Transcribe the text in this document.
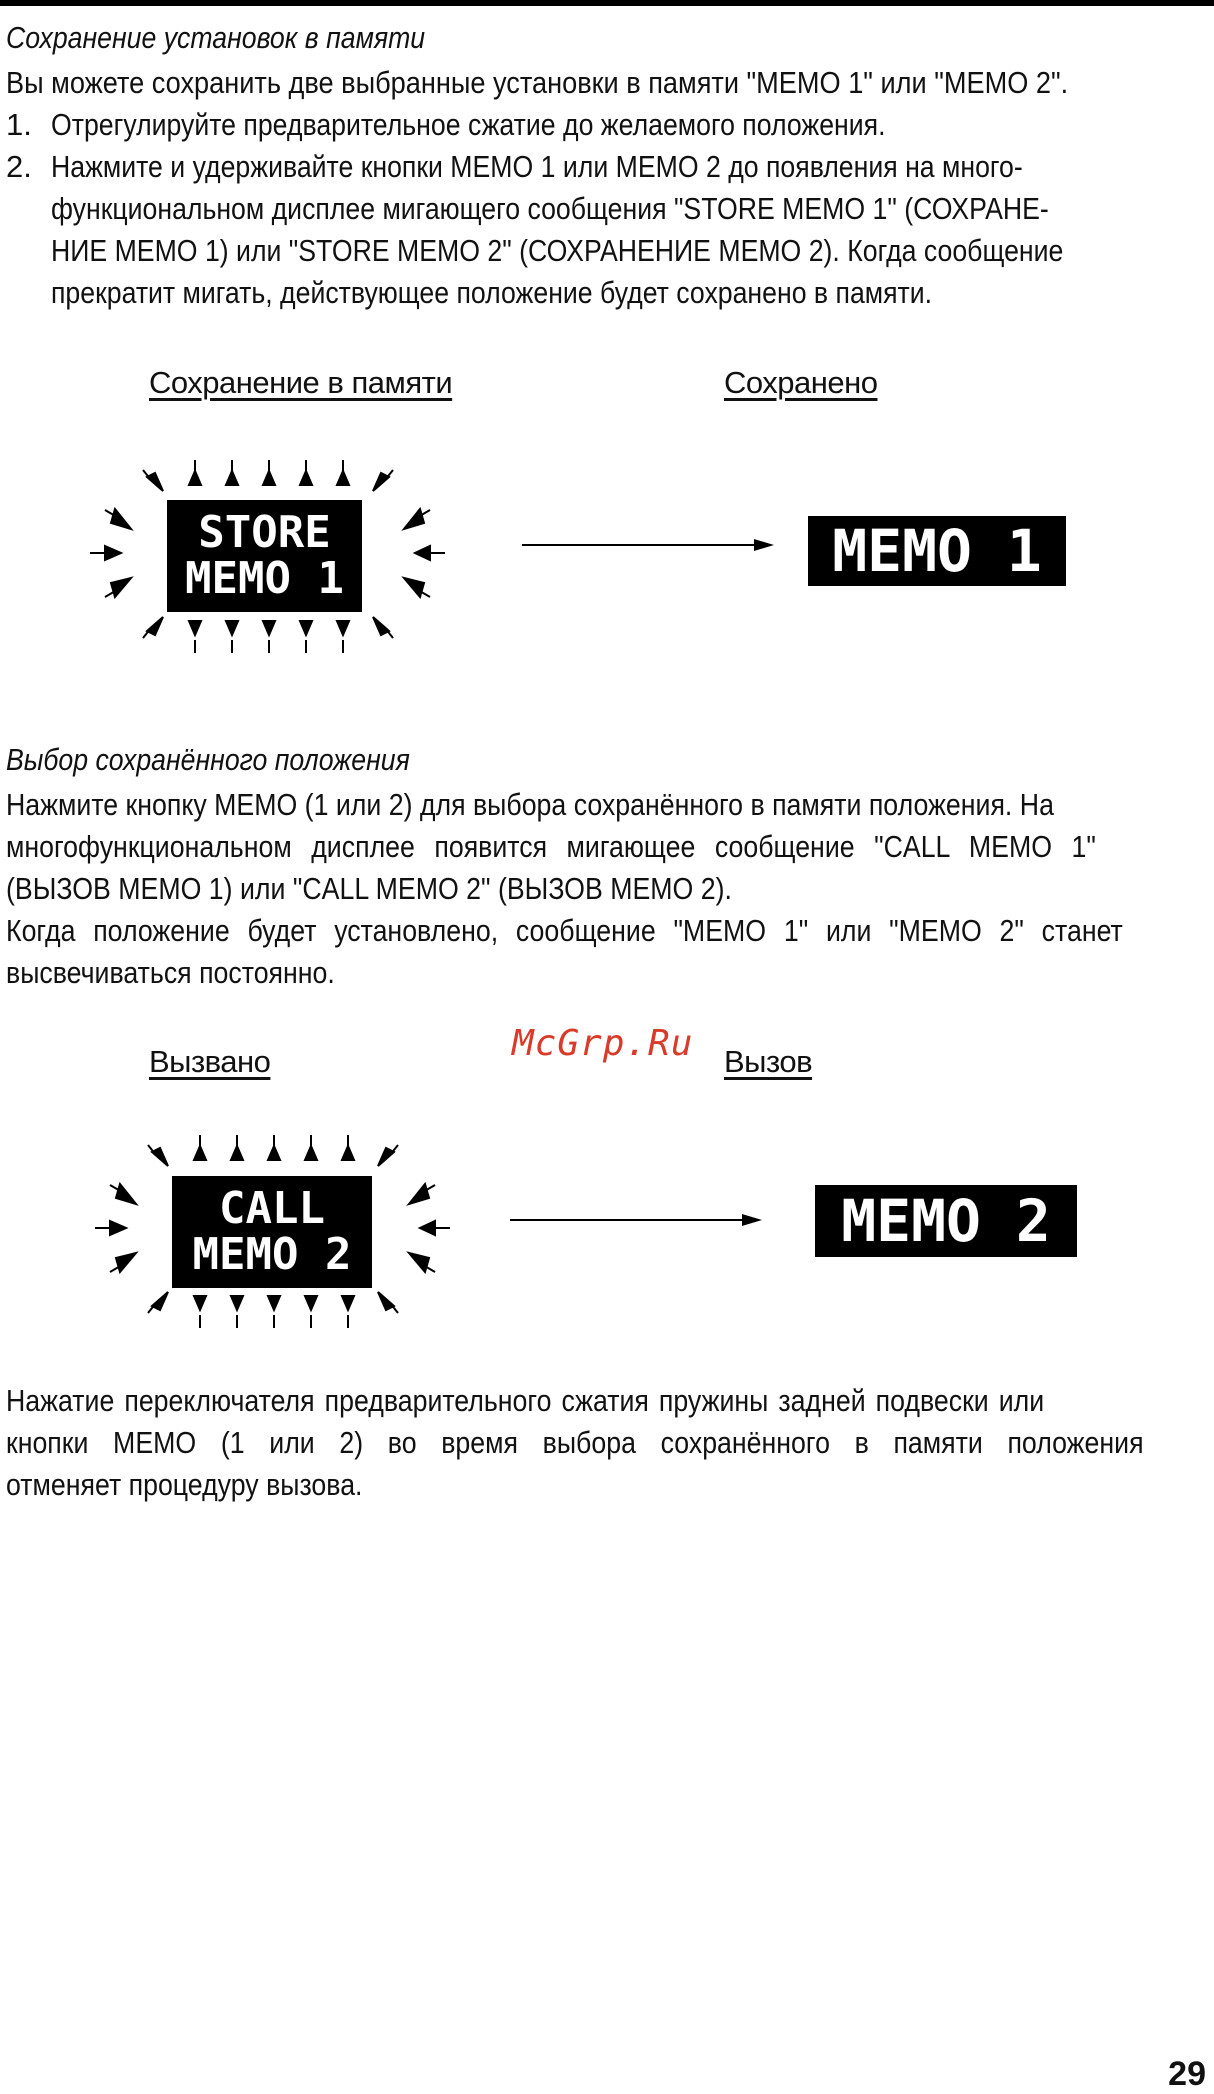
Сохранение установок в памяти
Вы можете сохранить две выбранные установки в памяти "MEMO 1" или "MEMO 2".
1. Отрегулируйте предварительное сжатие до желаемого положения.
2. Нажмите и удерживайте кнопки MEMO 1 или MEMO 2 до появления на много-
функциональном дисплее мигающего сообщения "STORE MEMO 1" (СОХРАНЕ-
НИЕ MEMO 1) или "STORE MEMO 2" (СОХРАНЕНИЕ MEMO 2). Когда сообщение
прекратит мигать, действующее положение будет сохранено в памяти.
Сохранение в памяти	Сохранено
STORE
MEMO 1	MEMO 1
Выбор сохранённого положения
Нажмите кнопку MEMO (1 или 2) для выбора сохранённого в памяти положения. На
многофункциональном дисплее появится мигающее сообщение "CALL MEMO 1"
(ВЫЗОВ MEMO 1) или "CALL MEMO 2" (ВЫЗОВ MEMO 2).
Когда положение будет установлено, сообщение "MEMO 1" или "MEMO 2" станет
высвечиваться постоянно.
Вызвано	McGrp.Ru Вызов
CALL
MEMO 2	MEMO 2
Нажатие переключателя предварительного сжатия пружины задней подвески или
кнопки MEMO (1 или 2) во время выбора сохранённого в памяти положения
отменяет процедуру вызова.
29
